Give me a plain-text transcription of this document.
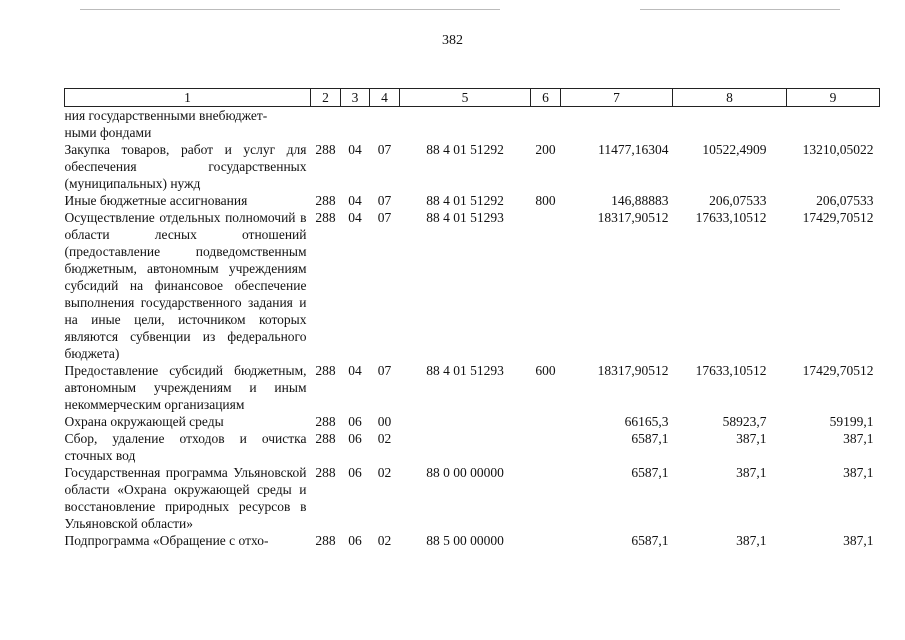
382
1	2	3	4	5	6	7	8	9
ния государственными внебюджет-
ными фондами								
Закупка товаров, работ и услуг для обеспечения государственных (муниципальных) нужд	288	04	07	88 4 01 51292	200	11477,16304	10522,4909	13210,05022
Иные бюджетные ассигнования	288	04	07	88 4 01 51292	800	146,88883	206,07533	206,07533
Осуществление отдельных полномочий в области лесных отношений (предоставление подведомственным бюджетным, автономным учреждениям субсидий на финансовое обеспечение выполнения государственного задания и на иные цели, источником которых являются субвенции из федерального бюджета)	288	04	07	88 4 01 51293		18317,90512	17633,10512	17429,70512
Предоставление субсидий бюджетным, автономным учреждениям и иным некоммерческим организациям	288	04	07	88 4 01 51293	600	18317,90512	17633,10512	17429,70512
Охрана окружающей среды	288	06	00			66165,3	58923,7	59199,1
Сбор, удаление отходов и очистка сточных вод	288	06	02			6587,1	387,1	387,1
Государственная программа Ульяновской области «Охрана окружающей среды и восстановление природных ресурсов в Ульяновской области»	288	06	02	88 0 00 00000		6587,1	387,1	387,1
Подпрограмма «Обращение с отхо-	288	06	02	88 5 00 00000		6587,1	387,1	387,1
